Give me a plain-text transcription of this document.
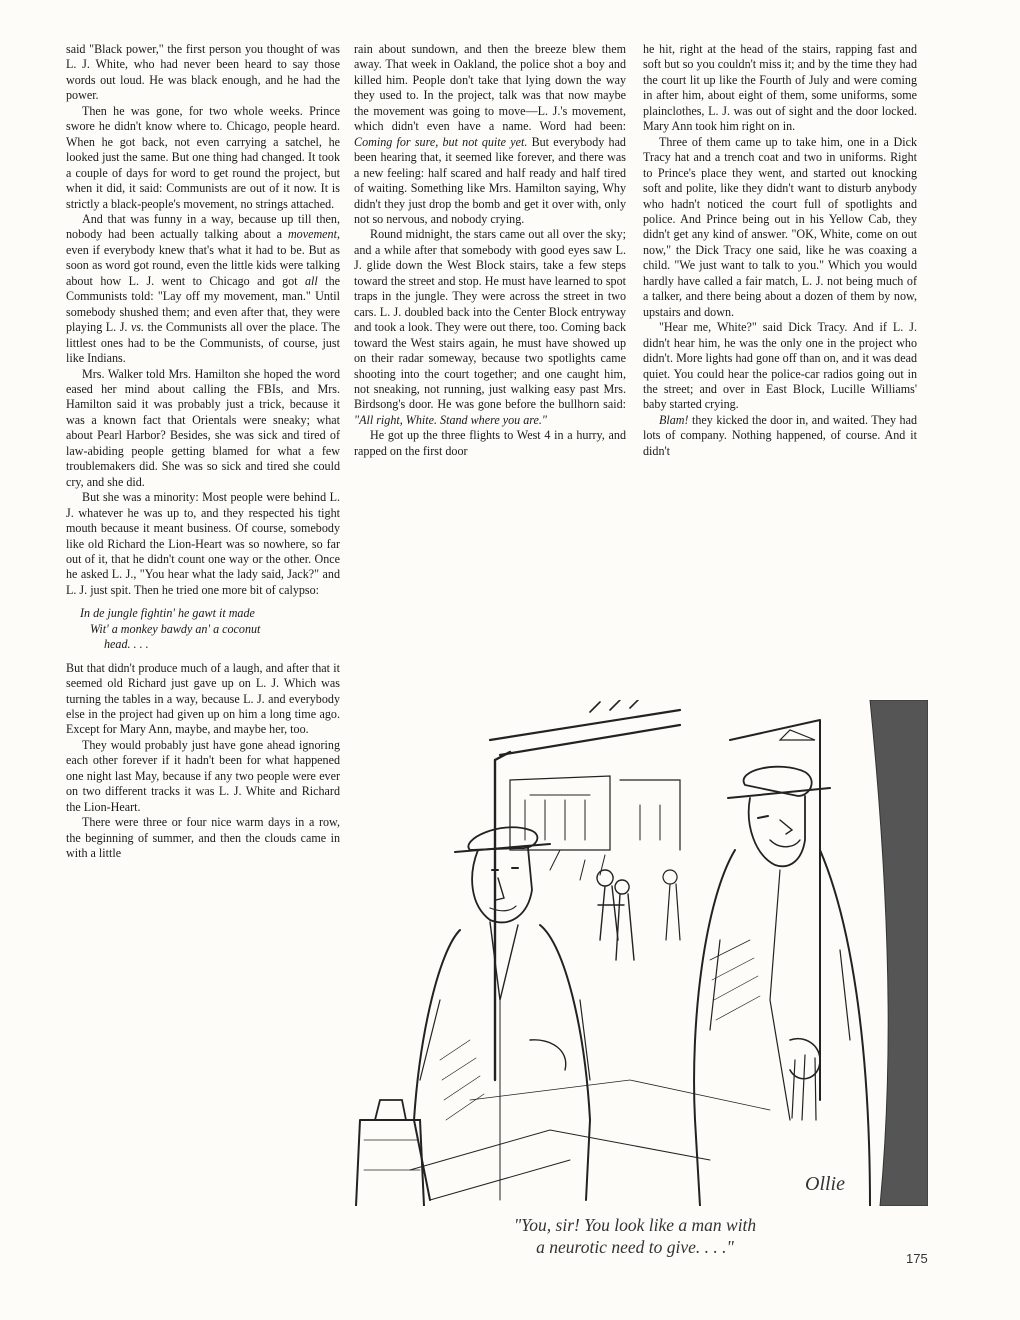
said "Black power," the first person you thought of was L. J. White, who had never been heard to say those words out loud. He was black enough, and he had the power.

Then he was gone, for two whole weeks. Prince swore he didn't know where to. Chicago, people heard. When he got back, not even carrying a satchel, he looked just the same. But one thing had changed. It took a couple of days for word to get round the project, but when it did, it said: Communists are out of it now. It is strictly a black-people's movement, no strings attached.

And that was funny in a way, because up till then, nobody had been actually talking about a movement, even if everybody knew that's what it had to be. But as soon as word got round, even the little kids were talking about how L. J. went to Chicago and got all the Communists told: "Lay off my movement, man." Until somebody shushed them; and even after that, they were playing L. J. vs. the Communists all over the place. The littlest ones had to be the Communists, of course, just like Indians.

Mrs. Walker told Mrs. Hamilton she hoped the word eased her mind about calling the FBIs, and Mrs. Hamilton said it was probably just a trick, because it was a known fact that Orientals were sneaky; what about Pearl Harbor? Besides, she was sick and tired of law-abiding people getting blamed for what a few troublemakers did. She was so sick and tired she could cry, and she did.

But she was a minority: Most people were behind L. J. whatever he was up to, and they respected his tight mouth because it meant business. Of course, somebody like old Richard the Lion-Heart was so nowhere, so far out of it, that he didn't count one way or the other. Once he asked L. J., "You hear what the lady said, Jack?" and L. J. just spit. Then he tried one more bit of calypso:

In de jungle fightin' he gawt it made
Wit' a monkey bawdy an' a coconut
head. . . .

But that didn't produce much of a laugh, and after that it seemed old Richard just gave up on L. J. Which was turning the tables in a way, because L. J. and everybody else in the project had given up on him a long time ago. Except for Mary Ann, maybe, and maybe her, too.

They would probably just have gone ahead ignoring each other forever if it hadn't been for what happened one night last May, because if any two people were ever on two different tracks it was L. J. White and Richard the Lion-Heart.

There were three or four nice warm days in a row, the beginning of summer, and then the clouds came in with a little

rain about sundown, and then the breeze blew them away. That week in Oakland, the police shot a boy and killed him. People don't take that lying down the way they used to. In the project, talk was that now maybe the movement was going to move—L. J.'s movement, which didn't even have a name. Word had been: Coming for sure, but not quite yet. But everybody had been hearing that, it seemed like forever, and there was a new feeling: half scared and half ready and half tired of waiting. Something like Mrs. Hamilton saying, Why didn't they just drop the bomb and get it over with, only not so nervous, and nobody crying.

Round midnight, the stars came out all over the sky; and a while after that somebody with good eyes saw L. J. glide down the West Block stairs, take a few steps toward the street and stop. He must have learned to spot traps in the jungle. They were across the street in two cars. L. J. doubled back into the Center Block entryway and took a look. They were out there, too. Coming back toward the West stairs again, he must have showed up on their radar someway, because two spotlights came shooting into the court together; and one caught him, not sneaking, not running, just walking easy past Mrs. Birdsong's door. He was gone before the bullhorn said: "All right, White. Stand where you are."

He got up the three flights to West 4 in a hurry, and rapped on the first door

he hit, right at the head of the stairs, rapping fast and soft but so you couldn't miss it; and by the time they had the court lit up like the Fourth of July and were coming in after him, about eight of them, some uniforms, some plainclothes, L. J. was out of sight and the door locked. Mary Ann took him right on in.

Three of them came up to take him, one in a Dick Tracy hat and a trench coat and two in uniforms. Right to Prince's place they went, and started out knocking soft and polite, like they didn't want to disturb anybody who hadn't noticed the court full of spotlights and police. And Prince being out in his Yellow Cab, they didn't get any kind of answer. "OK, White, come on out now," the Dick Tracy one said, like he was coaxing a child. "We just want to talk to you." Which you would hardly have called a fair match, L. J. not being much of a talker, and there being about a dozen of them by now, upstairs and down.

"Hear me, White?" said Dick Tracy. And if L. J. didn't hear him, he was the only one in the project who didn't. More lights had gone off than on, and it was dead quiet. You could hear the police-car radios going out in the street; and over in East Block, Lucille Williams' baby started crying.

Blam! they kicked the door in, and waited. They had lots of company. Nothing happened, of course. And it didn't

Ollie
"You, sir! You look like a man with
a neurotic need to give. . . ."
175
